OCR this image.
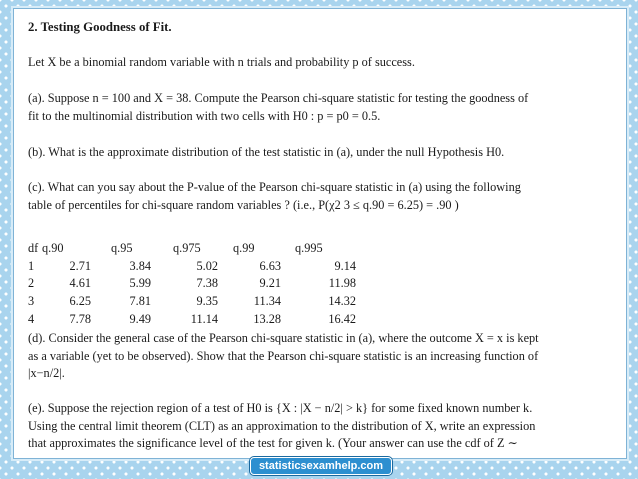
2. Testing Goodness of Fit.

Let X be a binomial random variable with n trials and probability p of success.

(a). Suppose n = 100 and X = 38. Compute the Pearson chi-square statistic for testing the goodness of
fit to the multinomial distribution with two cells with H0 : p = p0 = 0.5.

(b). What is the approximate distribution of the test statistic in (a), under the null Hypothesis H0.

(c). What can you say about the P-value of the Pearson chi-square statistic in (a) using the following
table of percentiles for chi-square random variables ? (i.e., P(χ2 3 ≤ q.90 = 6.25) = .90 )

df q.90	q.95	q.975	q.99	q.995
1	2.71	3.84	5.02	6.63	9.14
2	4.61	5.99	7.38	9.21	11.98
3	6.25	7.81	9.35	11.34	14.32
4	7.78	9.49	11.14	13.28	16.42

(d). Consider the general case of the Pearson chi-square statistic in (a), where the outcome X = x is kept
as a variable (yet to be observed). Show that the Pearson chi-square statistic is an increasing function of
|x−n/2|.

(e). Suppose the rejection region of a test of H0 is {X : |X − n/2| > k} for some fixed known number k.
Using the central limit theorem (CLT) as an approximation to the distribution of X, write an expression
that approximates the significance level of the test for given k. (Your answer can use the cdf of Z ∼

statisticsexamhelp.com
